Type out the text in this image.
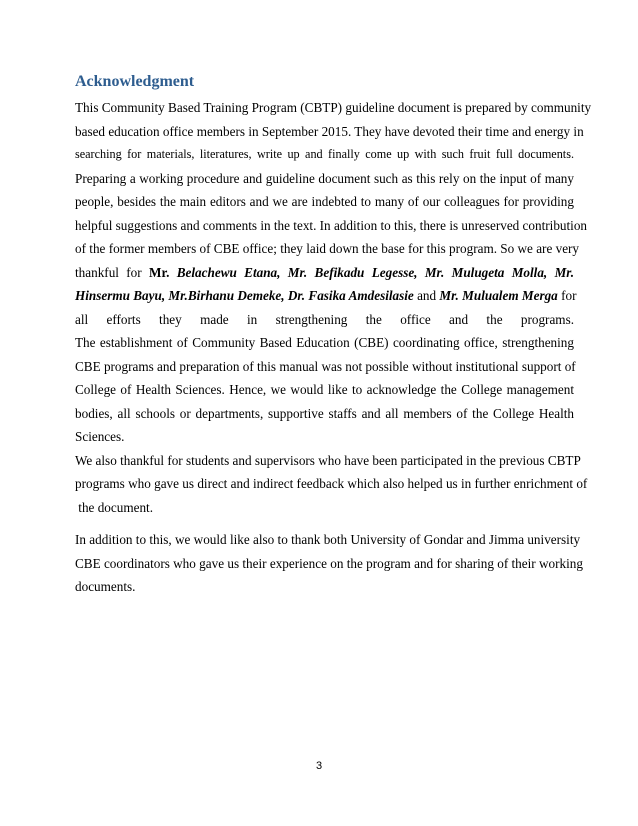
Acknowledgment

This Community Based Training Program (CBTP) guideline document is prepared by community
based education office members in September 2015. They have devoted their time and energy in
searching for materials, literatures, write up and finally come up with such fruit full documents.
Preparing a working procedure and guideline document such as this rely on the input of many
people, besides the main editors and we are indebted to many of our colleagues for providing
helpful suggestions and comments in the text. In addition to this, there is unreserved contribution
of the former members of CBE office; they laid down the base for this program. So we are very
thankful for Mr. Belachewu Etana, Mr. Befikadu Legesse, Mr. Mulugeta Molla, Mr.
Hinsermu Bayu, Mr.Birhanu Demeke, Dr. Fasika Amdesilasie and Mr. Mulualem Merga for
all efforts they made in strengthening the office and the programs.

The establishment of Community Based Education (CBE) coordinating office, strengthening
CBE programs and preparation of this manual was not possible without institutional support of
College of Health Sciences. Hence, we would like to acknowledge the College management
bodies, all schools or departments, supportive staffs and all members of the College Health
Sciences.

We also thankful for students and supervisors who have been participated in the previous CBTP
programs who gave us direct and indirect feedback which also helped us in further enrichment of
the document.

In addition to this, we would like also to thank both University of Gondar and Jimma university
CBE coordinators who gave us their experience on the program and for sharing of their working
documents.

3
